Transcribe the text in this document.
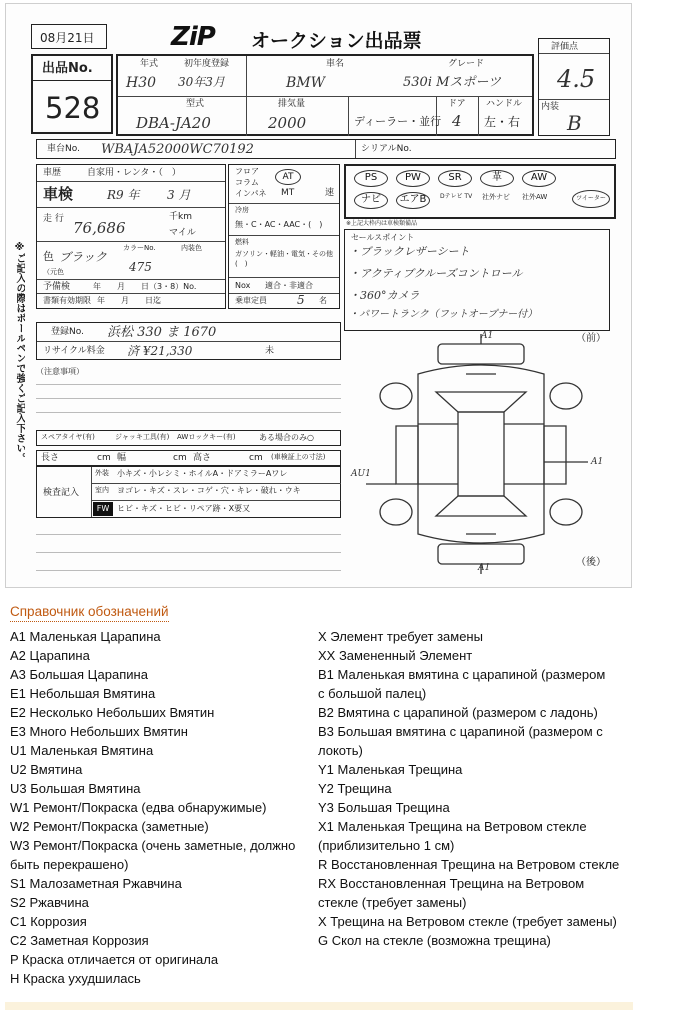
08月21日	ZiP オークション出品票
出品No.
528
年式	初年度登録	車名	グレード
H30 30年3月	BMW	530i Mスポーツ
型式	排気量	ドア ハンドル
DBA-JA20	2000	ディーラー・並行 4 左・右
評価点
4.5
内装
B
車台No. WBAJA52000WC70192	シリアルNo.
車歴	自家用・レンタ・（　）
車検	R9 年 3 月
走 行 76,686
千km
マイル
色 ブラック
（元色
カラーNo.
475
内装色
予備検	年　　月　　日（3・8）No.
書類有効期限 年　　月　　日迄
フロア
コラム
インパネ
AT
MT	速
冷房
無・C・AC・AAC・(　)
燃料
ガソリン・軽油・電気・その他(　)
Nox 適合・非適合
乗車定員	5 名
PS	PW	SR	革	AW
ナビ	エアB	Dテレビ TV 社外ナビ 社外AW	ツイーター
※上記大枠内は車検類備品
セールスポイント
・ブラックレザーシート
・アクティブクルーズコントロール
・360°カメラ
・パワートランク（フットオープナー付）
登録No. 浜松 330 ま 1670
リサイクル料金 済 ¥21,330	未
※ご記入の際はボールペンで強くご記入下さい。 （注意事項）
スペアタイヤ(有)	ジャッキ工具(有) AWロックキー(有)	ある場合のみ○
長さ	cm 幅	cm 高さ	cm (車検証上の寸法)
検査記入
外装 小キズ・小レシミ・ホイルA・ドアミラーAワレ
室内 ヨゴレ・キズ・スレ・コゲ・穴・キレ・破れ・ウキ
FW ヒビ・キズ・ヒビ・リペア跡・X要又
（前）
（後）
A1
A1
AU1
A1
Справочник обозначений
A1 Маленькая Царапина
A2 Царапина
A3 Большая Царапина
E1 Небольшая Вмятина
E2 Несколько Небольших Вмятин
E3 Много Небольших Вмятин
U1 Маленькая Вмятина
U2 Вмятина
U3 Большая Вмятина
W1 Ремонт/Покраска (едва обнаружимые)
W2 Ремонт/Покраска (заметные)
W3 Ремонт/Покраска (очень заметные, должно
быть перекрашено)
S1 Малозаметная Ржавчина
S2 Ржавчина
C1 Коррозия
C2 Заметная Коррозия
P Краска отличается от оригинала
H Краска ухудшилась
X Элемент требует замены
XX Замененный Элемент
B1 Маленькая вмятина с царапиной (размером
с большой палец)
B2 Вмятина с царапиной (размером с ладонь)
B3 Большая вмятина с царапиной (размером с
локоть)
Y1 Маленькая Трещина
Y2 Трещина
Y3 Большая Трещина
X1 Маленькая Трещина на Ветровом стекле
(приблизительно 1 см)
R Восстановленная Трещина на Ветровом стекле
RX Восстановленная Трещина на Ветровом
стекле (требует замены)
X Трещина на Ветровом стекле (требует замены)
G Скол на стекле (возможна трещина)
